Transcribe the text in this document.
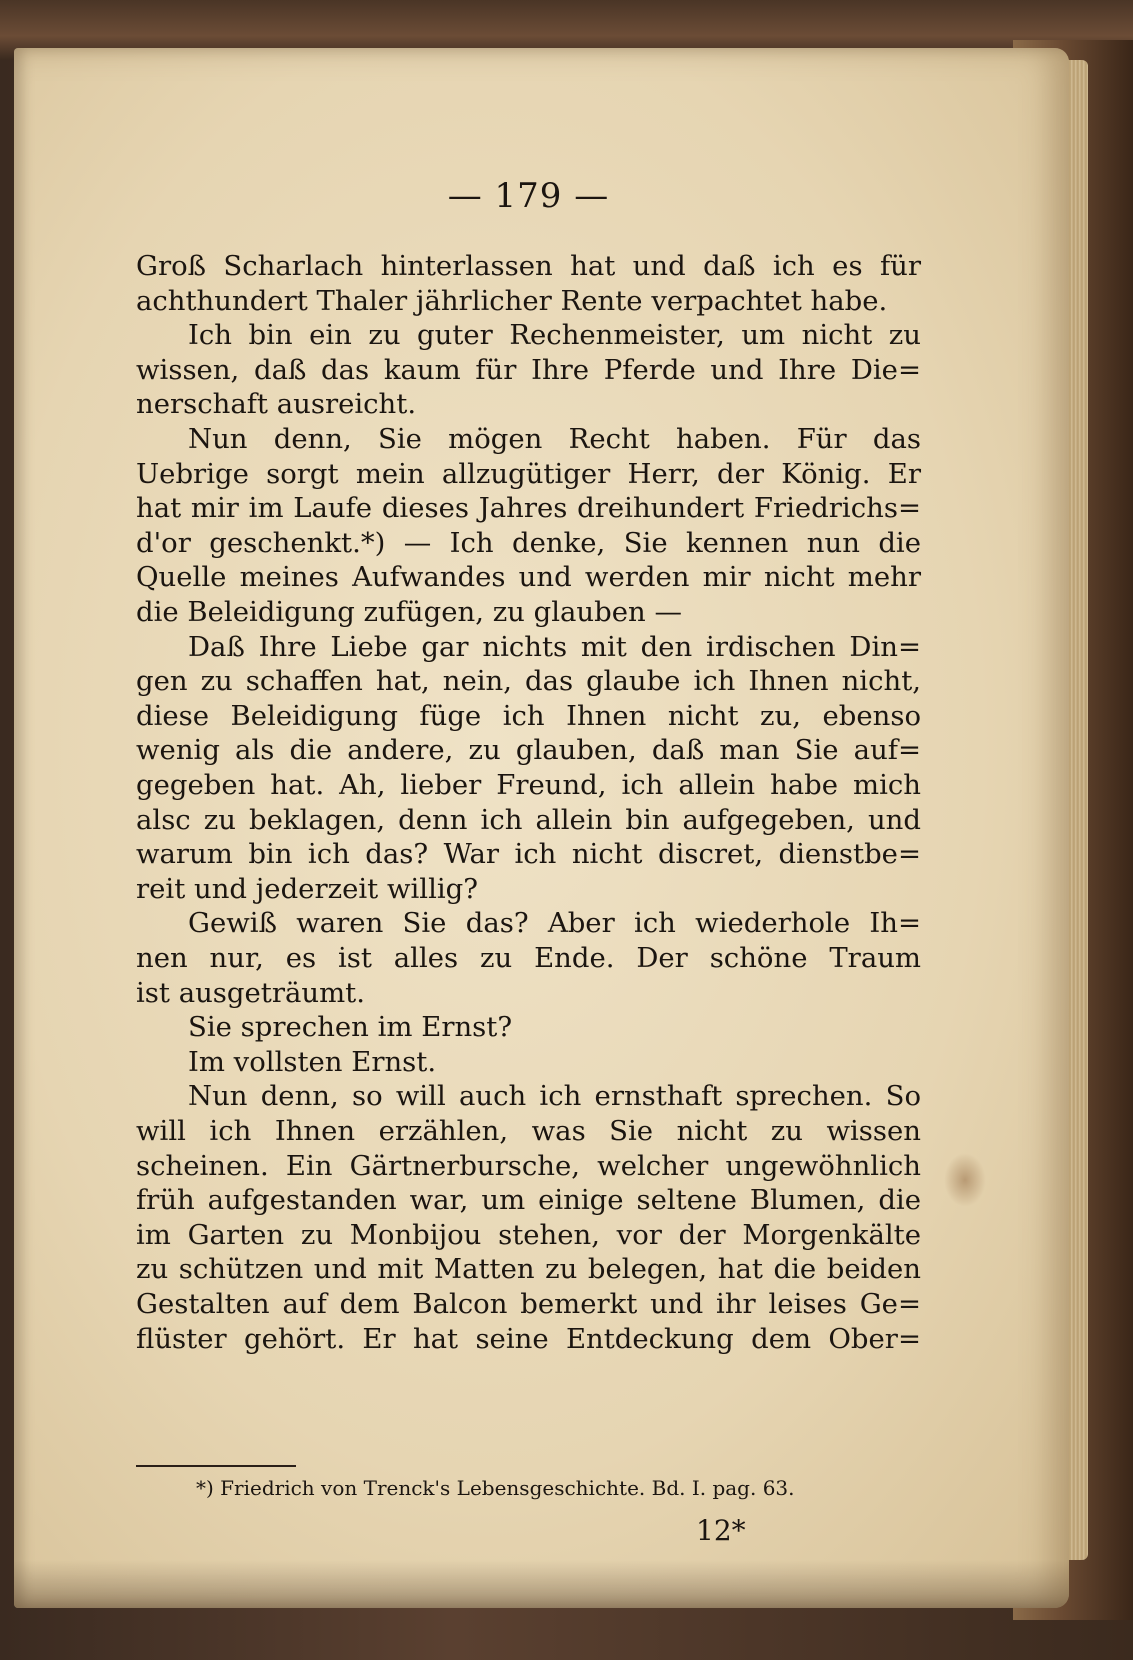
— 179 —
Groß Scharlach hinterlassen hat und daß ich es für
achthundert Thaler jährlicher Rente verpachtet habe.
Ich bin ein zu guter Rechenmeister, um nicht zu
wissen, daß das kaum für Ihre Pferde und Ihre Die=
nerschaft ausreicht.
Nun denn, Sie mögen Recht haben. Für das
Uebrige sorgt mein allzugütiger Herr, der König. Er
hat mir im Laufe dieses Jahres dreihundert Friedrichs=
d'or geschenkt.*) — Ich denke, Sie kennen nun die
Quelle meines Aufwandes und werden mir nicht mehr
die Beleidigung zufügen, zu glauben —
Daß Ihre Liebe gar nichts mit den irdischen Din=
gen zu schaffen hat, nein, das glaube ich Ihnen nicht,
diese Beleidigung füge ich Ihnen nicht zu, ebenso
wenig als die andere, zu glauben, daß man Sie auf=
gegeben hat. Ah, lieber Freund, ich allein habe mich
alsc zu beklagen, denn ich allein bin aufgegeben, und
warum bin ich das? War ich nicht discret, dienstbe=
reit und jederzeit willig?
Gewiß waren Sie das? Aber ich wiederhole Ih=
nen nur, es ist alles zu Ende. Der schöne Traum
ist ausgeträumt.
Sie sprechen im Ernst?
Im vollsten Ernst.
Nun denn, so will auch ich ernsthaft sprechen. So
will ich Ihnen erzählen, was Sie nicht zu wissen
scheinen. Ein Gärtnerbursche, welcher ungewöhnlich
früh aufgestanden war, um einige seltene Blumen, die
im Garten zu Monbijou stehen, vor der Morgenkälte
zu schützen und mit Matten zu belegen, hat die beiden
Gestalten auf dem Balcon bemerkt und ihr leises Ge=
flüster gehört. Er hat seine Entdeckung dem Ober=
*) Friedrich von Trenck's Lebensgeschichte. Bd. I. pag. 63.
12*
